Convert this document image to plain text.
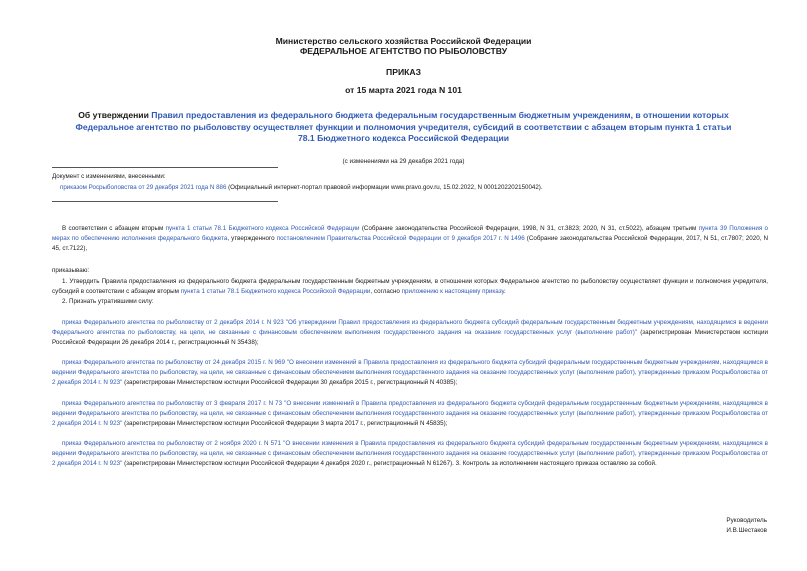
Министерство сельского хозяйства Российской Федерации
ФЕДЕРАЛЬНОЕ АГЕНТСТВО ПО РЫБОЛОВСТВУ
ПРИКАЗ
от 15 марта 2021 года N 101
Об утверждении Правил предоставления из федерального бюджета федеральным государственным бюджетным учреждениям, в отношении которых Федеральное агентство по рыболовству осуществляет функции и полномочия учредителя, субсидий в соответствии с абзацем вторым пункта 1 статьи 78.1 Бюджетного кодекса Российской Федерации
(с изменениями на 29 декабря 2021 года)
Документ с изменениями, внесенными:
приказом Росрыболовства от 29 декабря 2021 года N 886 (Официальный интернет-портал правовой информации www.pravo.gov.ru, 15.02.2022, N 0001202202150042).
В соответствии с абзацем вторым пункта 1 статьи 78.1 Бюджетного кодекса Российской Федерации (Собрание законодательства Российской Федерации, 1998, N 31, ст.3823; 2020, N 31, ст.5022), абзацем третьим пункта 39 Положения о мерах по обеспечению исполнения федерального бюджета, утвержденного постановлением Правительства Российской Федерации от 9 декабря 2017 г. N 1496 (Собрание законодательства Российской Федерации, 2017, N 51, ст.7807; 2020, N 45, ст.7122),
приказываю:
1. Утвердить Правила предоставления из федерального бюджета федеральным государственным бюджетным учреждениям, в отношении которых Федеральное агентство по рыболовству осуществляет функции и полномочия учредителя, субсидий в соответствии с абзацем вторым пункта 1 статьи 78.1 Бюджетного кодекса Российской Федерации, согласно приложению к настоящему приказу.
2. Признать утратившими силу:
приказ Федерального агентства по рыболовству от 2 декабря 2014 г. N 923 "Об утверждении Правил предоставления из федерального бюджета субсидий федеральным государственным бюджетным учреждениям, находящимся в ведении Федерального агентства по рыболовству, на цели, не связанные с финансовым обеспечением выполнения государственного задания на оказание государственных услуг (выполнение работ)" (зарегистрирован Министерством юстиции Российской Федерации 26 декабря 2014 г., регистрационный N 35438);
приказ Федерального агентства по рыболовству от 24 декабря 2015 г. N 969 "О внесении изменений в Правила предоставления из федерального бюджета субсидий федеральным государственным бюджетным учреждениям, находящимся в ведении Федерального агентства по рыболовству, на цели, не связанные с финансовым обеспечением выполнения государственного задания на оказание государственных услуг (выполнение работ), утвержденные приказом Росрыболовства от 2 декабря 2014 г. N 923" (зарегистрирован Министерством юстиции Российской Федерации 30 декабря 2015 г., регистрационный N 40385);
приказ Федерального агентства по рыболовству от 3 февраля 2017 г. N 73 "О внесении изменений в Правила предоставления из федерального бюджета субсидий федеральным государственным бюджетным учреждениям, находящимся в ведении Федерального агентства по рыболовству, на цели, не связанные с финансовым обеспечением выполнения государственного задания на оказание государственных услуг (выполнение работ), утвержденные приказом Росрыболовства от 2 декабря 2014 г. N 923" (зарегистрирован Министерством юстиции Российской Федерации 3 марта 2017 г., регистрационный N 45835);
приказ Федерального агентства по рыболовству от 2 ноября 2020 г. N 571 "О внесении изменения в Правила предоставления из федерального бюджета субсидий федеральным государственным бюджетным учреждениям, находящимся в ведении Федерального агентства по рыболовству, на цели, не связанные с финансовым обеспечением выполнения государственного задания на оказание государственных услуг (выполнение работ), утвержденные приказом Росрыболовства от 2 декабря 2014 г. N 923" (зарегистрирован Министерством юстиции Российской Федерации 4 декабря 2020 г., регистрационный N 61267). 3. Контроль за исполнением настоящего приказа оставляю за собой.
Руководитель
И.В.Шестаков
